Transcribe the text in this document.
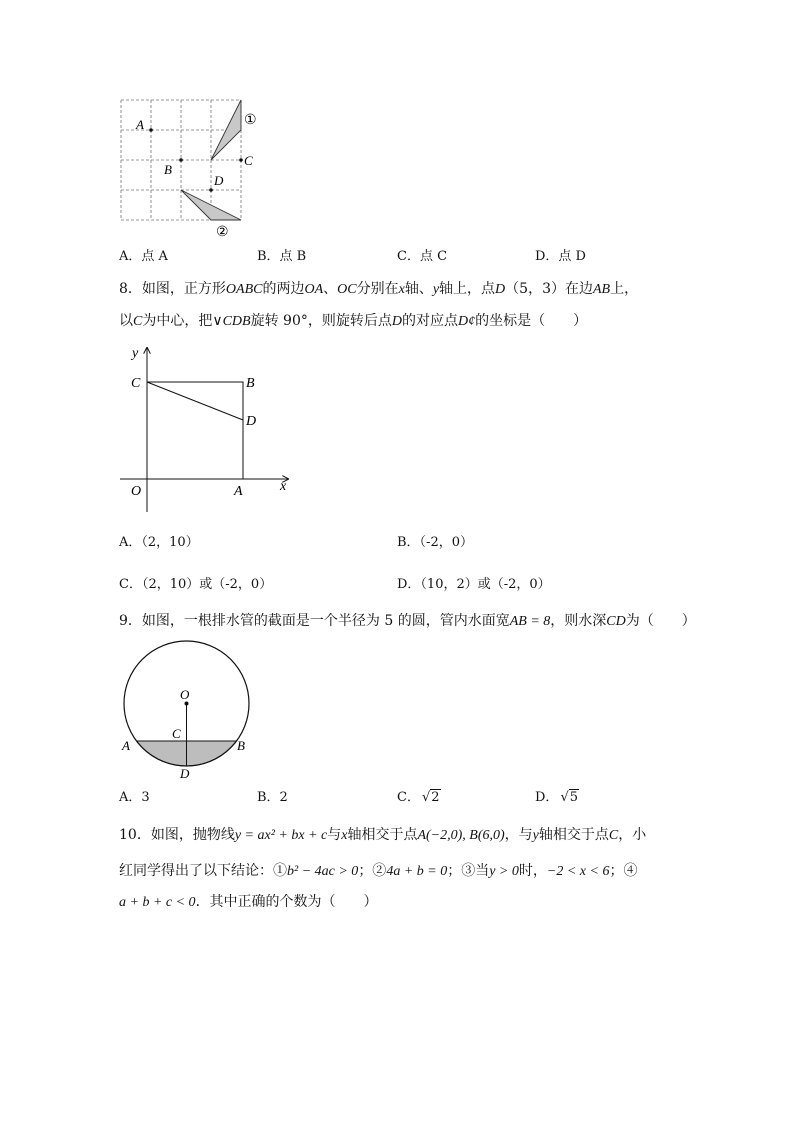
A
B
C
D
①
②
A．点 A	B．点 B	C．点 C	D．点 D
8．如图，正方形OABC的两边OA、OC分别在x轴、y轴上，点D（5，3）在边AB上，
以C为中心，把∨CDB旋转 90°，则旋转后点D的对应点D¢的坐标是（　　）
y
x
O	A
B
C
D
A．（2，10）	B．（-2，0）
C．（2，10）或（-2，0）	D．（10，2）或（-2，0）
9．如图，一根排水管的截面是一个半径为 5 的圆，管内水面宽AB = 8，则水深CD为（　　）
O
C
A	B
D
A．3	B．2	C． √2	D． √5
10．如图，抛物线y = ax² + bx + c与x轴相交于点A(−2,0), B(6,0)，与y轴相交于点C，小
红同学得出了以下结论：①b² − 4ac > 0；②4a + b = 0；③当y > 0时，−2 < x < 6；④
a + b + c < 0．其中正确的个数为（　　）
